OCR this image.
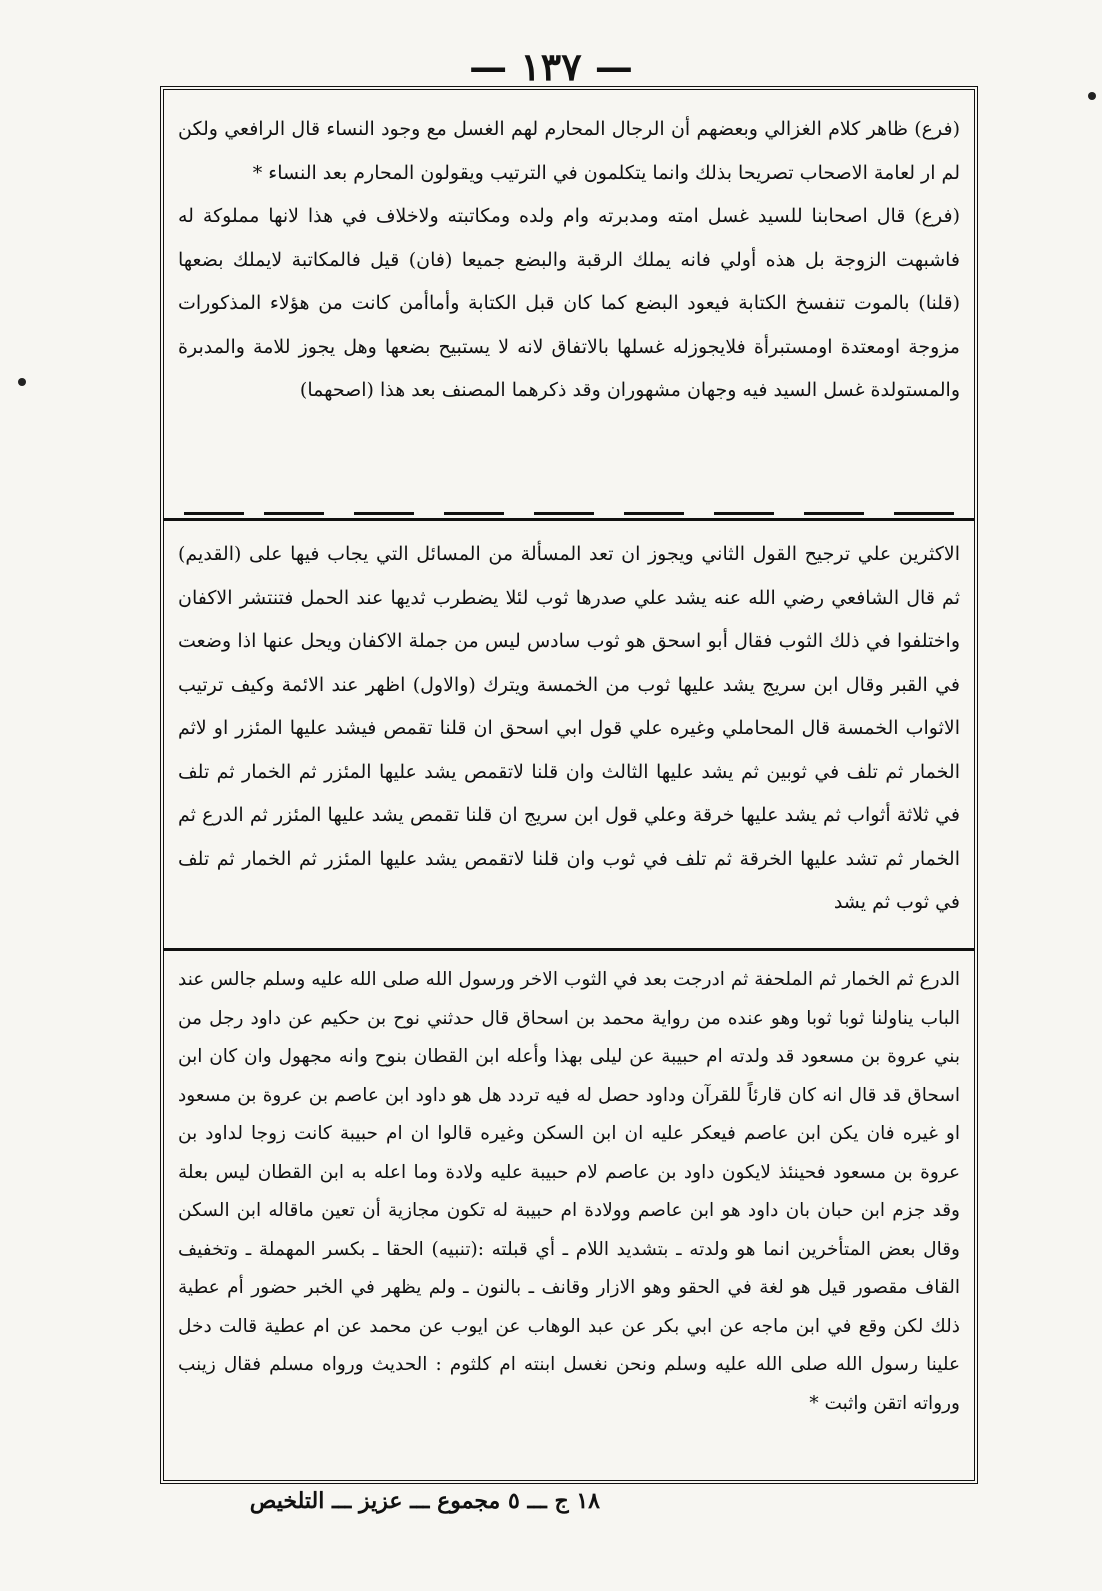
— ١٣٧ —

(فرع) ظاهر كلام الغزالي وبعضهم أن الرجال المحارم لهم الغسل مع وجود النساء قال الرافعي ولكن لم ار لعامة الاصحاب تصريحا بذلك وانما يتكلمون في الترتيب ويقولون المحارم بعد النساء *

(فرع) قال اصحابنا للسيد غسل امته ومدبرته وام ولده ومكاتبته ولاخلاف في هذا لانها مملوكة له فاشبهت الزوجة بل هذه أولي فانه يملك الرقبة والبضع جميعا (فان) قيل فالمكاتبة لايملك بضعها (قلنا) بالموت تنفسخ الكتابة فيعود البضع كما كان قبل الكتابة وأماأمن كانت من هؤلاء المذكورات مزوجة اومعتدة اومستبرأة فلايجوزله غسلها بالاتفاق لانه لا يستبيح بضعها وهل يجوز للامة والمدبرة والمستولدة غسل السيد فيه وجهان مشهوران وقد ذكرهما المصنف بعد هذا (اصحهما)

الاكثرين علي ترجيح القول الثاني ويجوز ان تعد المسألة من المسائل التي يجاب فيها على (القديم) ثم قال الشافعي رضي الله عنه يشد علي صدرها ثوب لئلا يضطرب ثديها عند الحمل فتنتشر الاكفان واختلفوا في ذلك الثوب فقال أبو اسحق هو ثوب سادس ليس من جملة الاكفان ويحل عنها اذا وضعت في القبر وقال ابن سريج يشد عليها ثوب من الخمسة ويترك (والاول) اظهر عند الائمة وكيف ترتيب الاثواب الخمسة قال المحاملي وغيره علي قول ابي اسحق ان قلنا تقمص فيشد عليها المئزر او لاثم الخمار ثم تلف في ثوبين ثم يشد عليها الثالث وان قلنا لاتقمص يشد عليها المئزر ثم الخمار ثم تلف في ثلاثة أثواب ثم يشد عليها خرقة وعلي قول ابن سريج ان قلنا تقمص يشد عليها المئزر ثم الدرع ثم الخمار ثم تشد عليها الخرقة ثم تلف في ثوب وان قلنا لاتقمص يشد عليها المئزر ثم الخمار ثم تلف في ثوب ثم يشد

الدرع ثم الخمار ثم الملحفة ثم ادرجت بعد في الثوب الاخر ورسول الله صلى الله عليه وسلم جالس عند الباب يناولنا ثوبا ثوبا وهو عنده من رواية محمد بن اسحاق قال حدثني نوح بن حكيم عن داود رجل من بني عروة بن مسعود قد ولدته ام حبيبة عن ليلى بهذا وأعله ابن القطان بنوح وانه مجهول وان كان ابن اسحاق قد قال انه كان قارئاً للقرآن وداود حصل له فيه تردد هل هو داود ابن عاصم بن عروة بن مسعود او غيره فان يكن ابن عاصم فيعكر عليه ان ابن السكن وغيره قالوا ان ام حبيبة كانت زوجا لداود بن عروة بن مسعود فحينئذ لايكون داود بن عاصم لام حبيبة عليه ولادة وما اعله به ابن القطان ليس بعلة وقد جزم ابن حبان بان داود هو ابن عاصم وولادة ام حبيبة له تكون مجازية أن تعين ماقاله ابن السكن وقال بعض المتأخرين انما هو ولدته ـ بتشديد اللام ـ أي قبلته :(تنبيه) الحقا ـ بكسر المهملة ـ وتخفيف القاف مقصور قيل هو لغة في الحقو وهو الازار وقانف ـ بالنون ـ ولم يظهر في الخبر حضور أم عطية ذلك لكن وقع في ابن ماجه عن ابي بكر عن عبد الوهاب عن ايوب عن محمد عن ام عطية قالت دخل علينا رسول الله صلى الله عليه وسلم ونحن نغسل ابنته ام كلثوم : الحديث ورواه مسلم فقال زينب ورواته اتقن واثبت *

١٨ ج ـــ ٥ مجموع ـــ عزيز ـــ التلخيص
